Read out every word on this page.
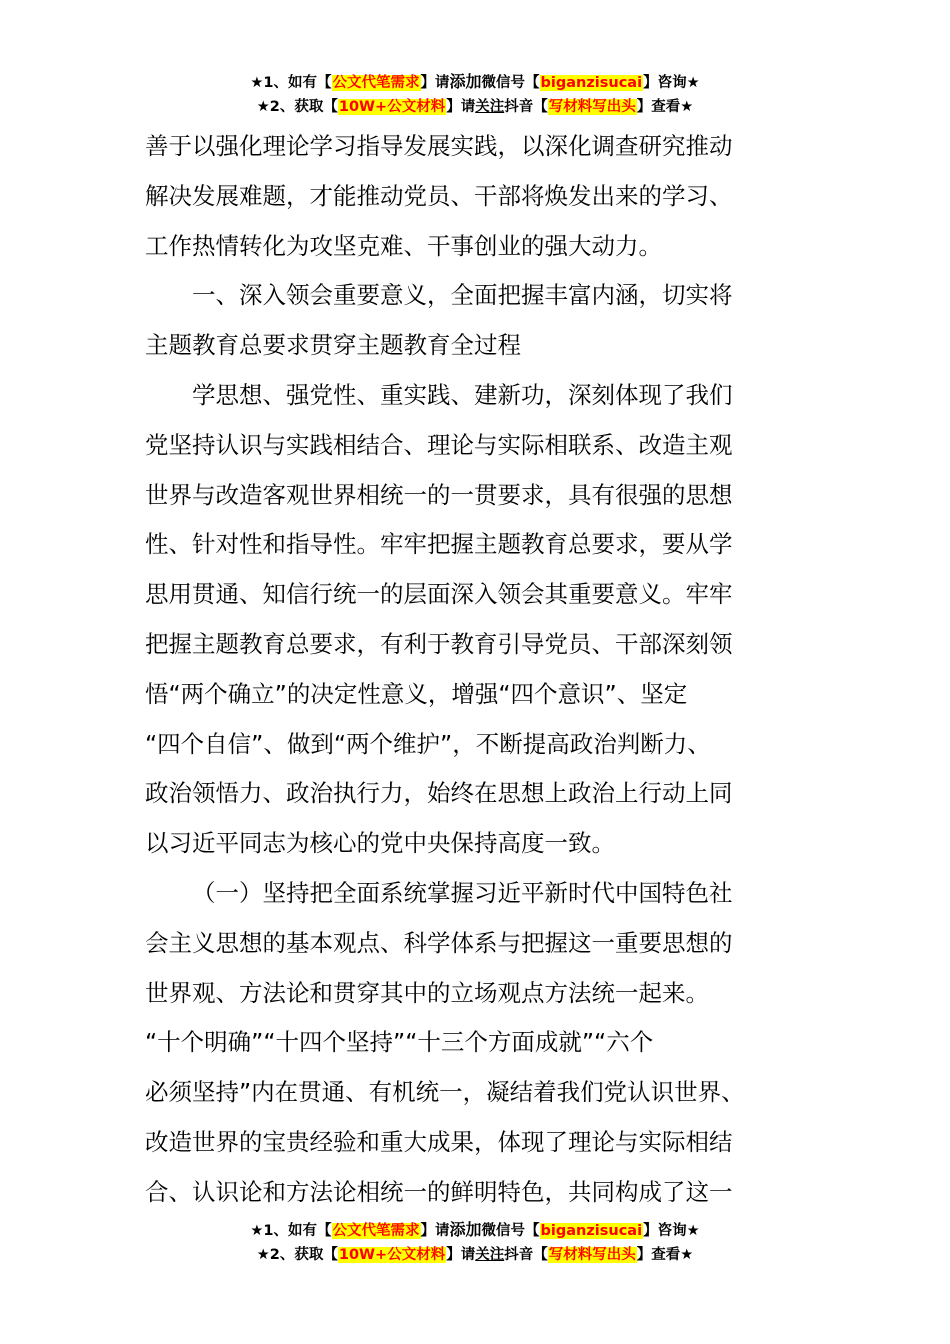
★1、如有【公文代笔需求】请添加微信号【biganzisucai】咨询★
★2、获取【10W+公文材料】请关注抖音【写材料写出头】查看★

善于以强化理论学习指导发展实践，以深化调查研究推动

解决发展难题，才能推动党员、干部将焕发出来的学习、

工作热情转化为攻坚克难、干事创业的强大动力。

一、深入领会重要意义，全面把握丰富内涵，切实将

主题教育总要求贯穿主题教育全过程

学思想、强党性、重实践、建新功，深刻体现了我们

党坚持认识与实践相结合、理论与实际相联系、改造主观

世界与改造客观世界相统一的一贯要求，具有很强的思想

性、针对性和指导性。牢牢把握主题教育总要求，要从学

思用贯通、知信行统一的层面深入领会其重要意义。牢牢

把握主题教育总要求，有利于教育引导党员、干部深刻领

悟“两个确立”的决定性意义，增强“四个意识”、坚定

“四个自信”、做到“两个维护”，不断提高政治判断力、

政治领悟力、政治执行力，始终在思想上政治上行动上同

以习近平同志为核心的党中央保持高度一致。

（一）坚持把全面系统掌握习近平新时代中国特色社

会主义思想的基本观点、科学体系与把握这一重要思想的

世界观、方法论和贯穿其中的立场观点方法统一起来。

“十个明确”“十四个坚持”“十三个方面成就”“六个

必须坚持”内在贯通、有机统一，凝结着我们党认识世界、

改造世界的宝贵经验和重大成果，体现了理论与实际相结

合、认识论和方法论相统一的鲜明特色，共同构成了这一

★1、如有【公文代笔需求】请添加微信号【biganzisucai】咨询★
★2、获取【10W+公文材料】请关注抖音【写材料写出头】查看★
